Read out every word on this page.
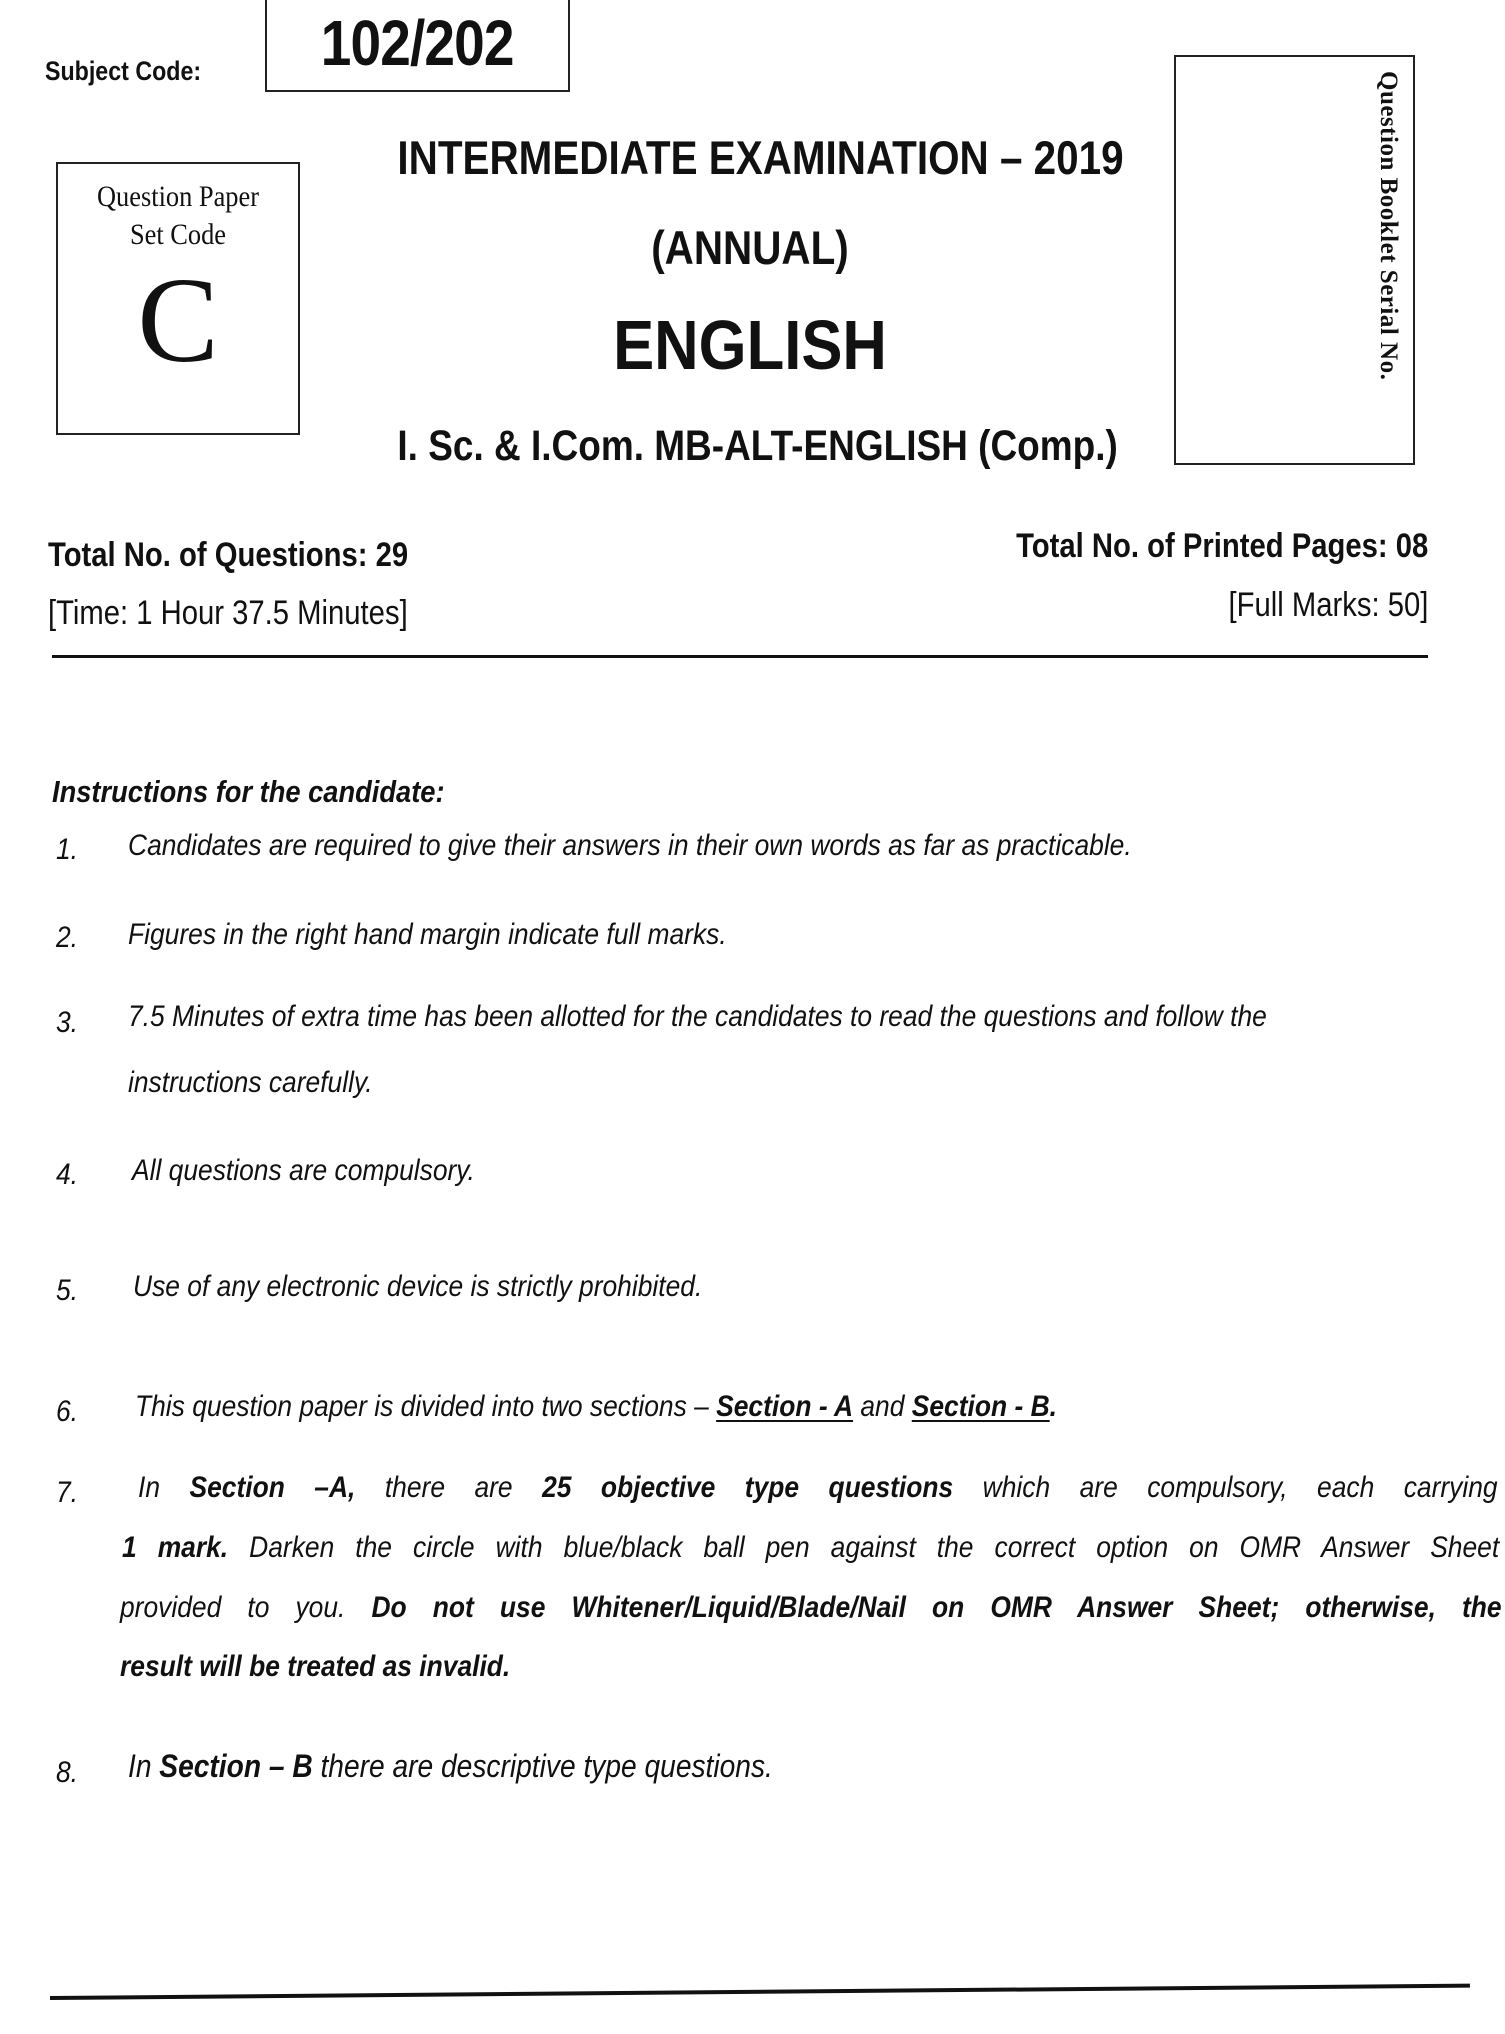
Subject Code: 102/202
Question Paper
Set Code
C
INTERMEDIATE EXAMINATION – 2019
(ANNUAL)
ENGLISH
I. Sc. & I.Com. MB-ALT-ENGLISH (Comp.)
Question Booklet Serial No.
Total No. of Questions: 29
[Time: 1 Hour 37.5 Minutes]
Total No. of Printed Pages: 08
[Full Marks: 50]
Instructions for the candidate:
1. Candidates are required to give their answers in their own words as far as practicable.
2. Figures in the right hand margin indicate full marks.
3. 7.5 Minutes of extra time has been allotted for the candidates to read the questions and follow the
instructions carefully.
4. All questions are compulsory.
5. Use of any electronic device is strictly prohibited.
6. This question paper is divided into two sections – Section - A and Section - B.
7. In Section –A, there are 25 objective type questions which are compulsory, each carrying
1 mark. Darken the circle with blue/black ball pen against the correct option on OMR Answer Sheet
provided to you. Do not use Whitener/Liquid/Blade/Nail on OMR Answer Sheet; otherwise, the
result will be treated as invalid.
8. In Section – B there are descriptive type questions.
